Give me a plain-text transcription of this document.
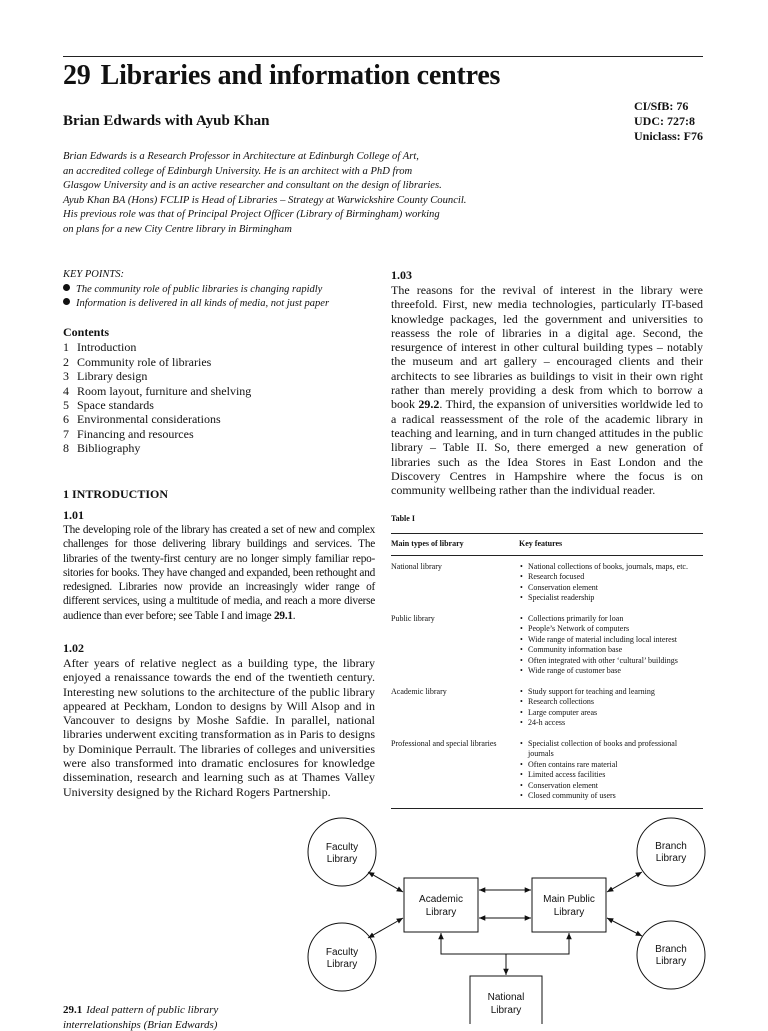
29 Libraries and information centres
Brian Edwards with Ayub Khan
CI/SfB: 76
UDC: 727:8
Uniclass: F76
Brian Edwards is a Research Professor in Architecture at Edinburgh College of Art,
an accredited college of Edinburgh University. He is an architect with a PhD from
Glasgow University and is an active researcher and consultant on the design of libraries.
Ayub Khan BA (Hons) FCLIP is Head of Libraries – Strategy at Warwickshire County Council.
His previous role was that of Principal Project Officer (Library of Birmingham) working
on plans for a new City Centre library in Birmingham
KEY POINTS:
The community role of public libraries is changing rapidly
Information is delivered in all kinds of media, not just paper
Contents
1 Introduction
2 Community role of libraries
3 Library design
4 Room layout, furniture and shelving
5 Space standards
6 Environmental considerations
7 Financing and resources
8 Bibliography
1 INTRODUCTION
1.01
The developing role of the library has created a set of new and complex challenges for those delivering library buildings and services. The libraries of the twenty-first century are no longer simply familiar repo-sitories for books. They have changed and expanded, been rethought and redesigned. Libraries now provide an increasingly wider range of different services, using a multitude of media, and reach a more diverse audience than ever before; see Table I and image 29.1.
1.02
After years of relative neglect as a building type, the library enjoyed a renaissance towards the end of the twentieth century. Interesting new solutions to the architecture of the public library appeared at Peckham, London to designs by Will Alsop and in Vancouver to designs by Moshe Safdie. In parallel, national libraries underwent exciting transformation as in Paris to designs by Dominique Perrault. The libraries of colleges and universities were also transformed into dramatic enclosures for knowledge dissemination, research and learning such as at Thames Valley University designed by the Richard Rogers Partnership.
1.03
The reasons for the revival of interest in the library were threefold. First, new media technologies, particularly IT-based knowledge packages, led the government and universities to reassess the role of libraries in a digital age. Second, the resurgence of interest in other cultural building types – notably the museum and art gallery – encouraged clients and their architects to see libraries as buildings to visit in their own right rather than merely providing a desk from which to borrow a book 29.2. Third, the expansion of universities worldwide led to a radical reassessment of the role of the academic library in teaching and learning, and in turn changed attitudes in the public library – Table II. So, there emerged a new generation of libraries such as the Idea Stores in East London and the Discovery Centres in Hampshire where the focus is on community wellbeing rather than the individual reader.
Table I
Main types of library	Key features
National library	• National collections of books, journals, maps, etc.
• Research focused
• Conservation element
• Specialist readership
Public library	• Collections primarily for loan
• People’s Network of computers
• Wide range of material including local interest
• Community information base
• Often integrated with other ‘cultural’ buildings
• Wide range of customer base
Academic library	• Study support for teaching and learning
• Research collections
• Large computer areas
• 24-h access
Professional and special libraries	• Specialist collection of books and professional journals
• Often contains rare material
• Limited access facilities
• Conservation element
• Closed community of users
Faculty
Library
Faculty
Library
Branch
Library
Branch
Library
Academic
Library
Main Public
Library
National
Library
29.1 Ideal pattern of public library
interrelationships (Brian Edwards)
